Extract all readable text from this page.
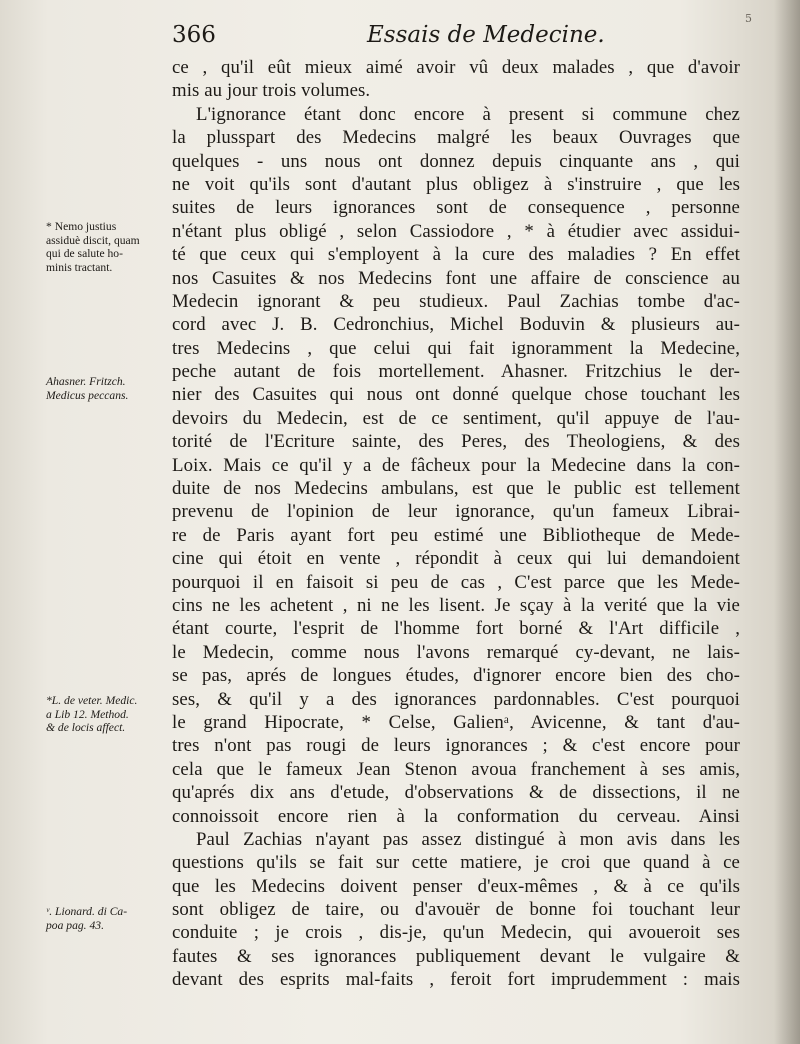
5
366	Essais de Medecine.
* Nemo justius
assiduè discit, quam
qui de salute ho-
minis tractant.
Ahasner. Fritzch.
Medicus peccans.
*L. de veter. Medic.
a Lib 12. Method.
& de locis affect.
ᵛ. Lionard. di Ca-
poa pag. 43.
ce , qu'il eût mieux aimé avoir vû deux malades , que d'avoir
mis au jour trois volumes.
L'ignorance étant donc encore à present si commune chez
la plusspart des Medecins malgré les beaux Ouvrages que
quelques - uns nous ont donnez depuis cinquante ans , qui
ne voit qu'ils sont d'autant plus obligez à s'instruire , que les
suites de leurs ignorances sont de consequence , personne
n'étant plus obligé , selon Cassiodore , * à étudier avec assidui-
té que ceux qui s'employent à la cure des maladies ? En effet
nos Casuites & nos Medecins font une affaire de conscience au
Medecin ignorant & peu studieux. Paul Zachias tombe d'ac-
cord avec J. B. Cedronchius, Michel Boduvin & plusieurs au-
tres Medecins , que celui qui fait ignoramment la Medecine,
peche autant de fois mortellement. Ahasner. Fritzchius le der-
nier des Casuites qui nous ont donné quelque chose touchant les
devoirs du Medecin, est de ce sentiment, qu'il appuye de l'au-
torité de l'Ecriture sainte, des Peres, des Theologiens, & des
Loix. Mais ce qu'il y a de fâcheux pour la Medecine dans la con-
duite de nos Medecins ambulans, est que le public est tellement
prevenu de l'opinion de leur ignorance, qu'un fameux Librai-
re de Paris ayant fort peu estimé une Bibliotheque de Mede-
cine qui étoit en vente , répondit à ceux qui lui demandoient
pourquoi il en faisoit si peu de cas , C'est parce que les Mede-
cins ne les achetent , ni ne les lisent. Je sçay à la verité que la vie
étant courte, l'esprit de l'homme fort borné & l'Art difficile ,
le Medecin, comme nous l'avons remarqué cy-devant, ne lais-
se pas, aprés de longues études, d'ignorer encore bien des cho-
ses, & qu'il y a des ignorances pardonnables. C'est pourquoi
le grand Hipocrate, * Celse, Galienᵃ, Avicenne, & tant d'au-
tres n'ont pas rougi de leurs ignorances ; & c'est encore pour
cela que le fameux Jean Stenon avoua franchement à ses amis,
qu'aprés dix ans d'etude, d'observations & de dissections, il ne
connoissoit encore rien à la conformation du cerveau. Ainsi
Paul Zachias n'ayant pas assez distingué à mon avis dans les
questions qu'ils se fait sur cette matiere, je croi que quand à ce
que les Medecins doivent penser d'eux-mêmes , & à ce qu'ils
sont obligez de taire, ou d'avouër de bonne foi touchant leur
conduite ; je crois , dis-je, qu'un Medecin, qui avoueroit ses
fautes & ses ignorances publiquement devant le vulgaire &
devant des esprits mal-faits , feroit fort imprudemment : mais
